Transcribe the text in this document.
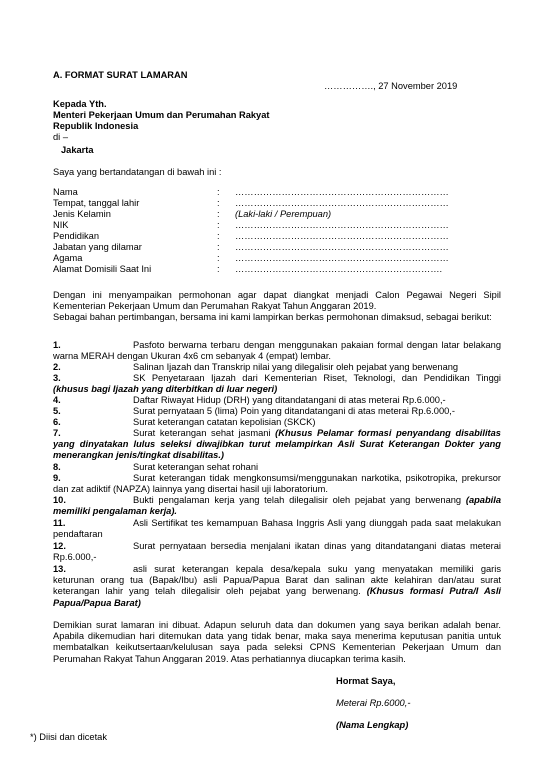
A. FORMAT SURAT LAMARAN
……………., 27 November 2019
Kepada Yth.
Menteri Pekerjaan Umum dan Perumahan Rakyat
Republik Indonesia
di –
Jakarta
Saya yang bertandatangan di bawah ini :
Nama	: ……………………………………………………………
Tempat, tanggal lahir	: ……………………………………………………………
Jenis Kelamin	: (Laki-laki / Perempuan)
NIK	: ……………………………………………………………
Pendidikan	: ……………………………………………………………
Jabatan yang dilamar	: ……………………………………………………………
Agama	: ……………………………………………………………
Alamat Domisili Saat Ini	: ………………………………………………………….
Dengan ini menyampaikan permohonan agar dapat diangkat menjadi Calon Pegawai Negeri Sipil Kementerian Pekerjaan Umum dan Perumahan Rakyat Tahun Anggaran 2019.
Sebagai bahan pertimbangan, bersama ini kami lampirkan berkas permohonan dimaksud, sebagai berikut:
1.	Pasfoto berwarna terbaru dengan menggunakan pakaian formal dengan latar belakang warna MERAH dengan Ukuran 4x6 cm sebanyak 4 (empat) lembar.
2.	Salinan Ijazah dan Transkrip nilai yang dilegalisir oleh pejabat yang berwenang
3.	SK Penyetaraan Ijazah dari Kementerian Riset, Teknologi, dan Pendidikan Tinggi (khusus bagi Ijazah yang diterbitkan di luar negeri)
4.	Daftar Riwayat Hidup (DRH) yang ditandatangani di atas meterai Rp.6.000,-
5.	Surat pernyataan 5 (lima) Poin yang ditandatangani di atas meterai Rp.6.000,-
6.	Surat keterangan catatan kepolisian (SKCK)
7.	Surat keterangan sehat jasmani (Khusus Pelamar formasi penyandang disabilitas yang dinyatakan lulus seleksi diwajibkan turut melampirkan Asli Surat Keterangan Dokter yang menerangkan jenis/tingkat disabilitas.)
8.	Surat keterangan sehat rohani
9.	Surat keterangan tidak mengkonsumsi/menggunakan narkotika, psikotropika, prekursor dan zat adiktif (NAPZA) lainnya yang disertai hasil uji laboratorium.
10.	Bukti pengalaman kerja yang telah dilegalisir oleh pejabat yang berwenang (apabila memiliki pengalaman kerja).
11.	Asli Sertifikat tes kemampuan Bahasa Inggris Asli yang diunggah pada saat melakukan pendaftaran
12.	Surat pernyataan bersedia menjalani ikatan dinas yang ditandatangani diatas meterai Rp.6.000,-
13.	asli surat keterangan kepala desa/kepala suku yang menyatakan memiliki garis keturunan orang tua (Bapak/Ibu) asli Papua/Papua Barat dan salinan akte kelahiran dan/atau surat keterangan lahir yang telah dilegalisir oleh pejabat yang berwenang. (Khusus formasi Putra/I Asli Papua/Papua Barat)
Demikian surat lamaran ini dibuat. Adapun seluruh data dan dokumen yang saya berikan adalah benar. Apabila dikemudian hari ditemukan data yang tidak benar, maka saya menerima keputusan panitia untuk membatalkan keikutsertaan/kelulusan saya pada seleksi CPNS Kementerian Pekerjaan Umum dan Perumahan Rakyat Tahun Anggaran 2019. Atas perhatiannya diucapkan terima kasih.
Hormat Saya,
Meterai Rp.6000,-
(Nama Lengkap)
*) Diisi dan dicetak
